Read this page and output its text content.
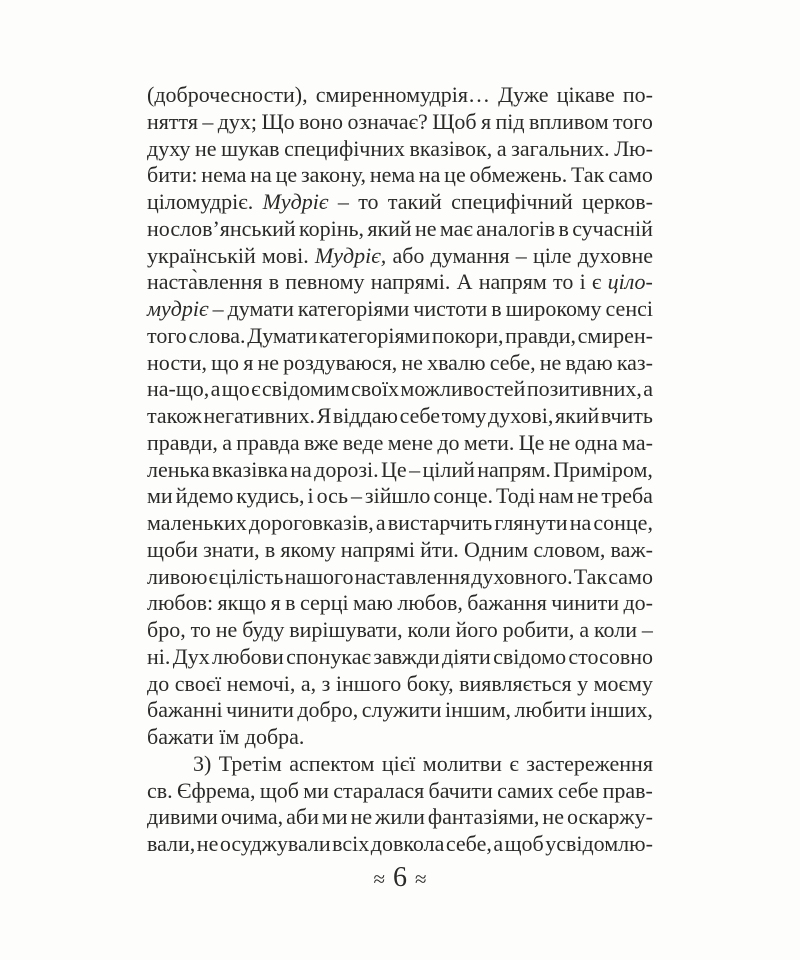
(доброчесности), смиренномудрія… Дуже цікаве по-
няття – дух; Що воно означає? Щоб я під впливом того
духу не шукав специфічних вказівок, а загальних. Лю-
бити: нема на це закону, нема на це обмежень. Так само
ціломудріє. Мудріє – то такий специфічний церков-
нослов’янський корінь, який не має аналогів в сучасній
українській мові. Мудріє, або думання – ціле духовне
наста̀влення в певному напрямі. А напрям то і є ціло-
мудріє – думати категоріями чистоти в широкому сенсі
того слова. Думати категоріями покори, правди, смирен-
ности, що я не роздуваюся, не хвалю себе, не вдаю каз-
на-що, а що є свідомим своїх можливостей позитивних, а
також негативних. Я віддаю себе тому духові, який вчить
правди, а правда вже веде мене до мети. Це не одна ма-
ленька вказівка на дорозі. Це – цілий напрям. Приміром,
ми йдемо кудись, і ось – зійшло сонце. Тоді нам не треба
маленьких дороговказів, а вистарчить глянути на сонце,
щоби знати, в якому напрямі йти. Одним словом, важ-
ливою є цілість нашого наставлення духовного. Так само
любов: якщо я в серці маю любов, бажання чинити до-
бро, то не буду вирішувати, коли його робити, а коли –
ні. Дух любови спонукає завжди діяти свідомо стосовно
до своєї немочі, а, з іншого боку, виявляється у моєму
бажанні чинити добро, служити іншим, любити інших,
бажати їм добра.
3) Третім аспектом цієї молитви є застереження
св. Єфрема, щоб ми старалася бачити самих себе прав-
дивими очима, аби ми не жили фантазіями, не оскаржу-
вали, не осуджували всіх довкола себе, а щоб усвідомлю-
≈ 6 ≈
